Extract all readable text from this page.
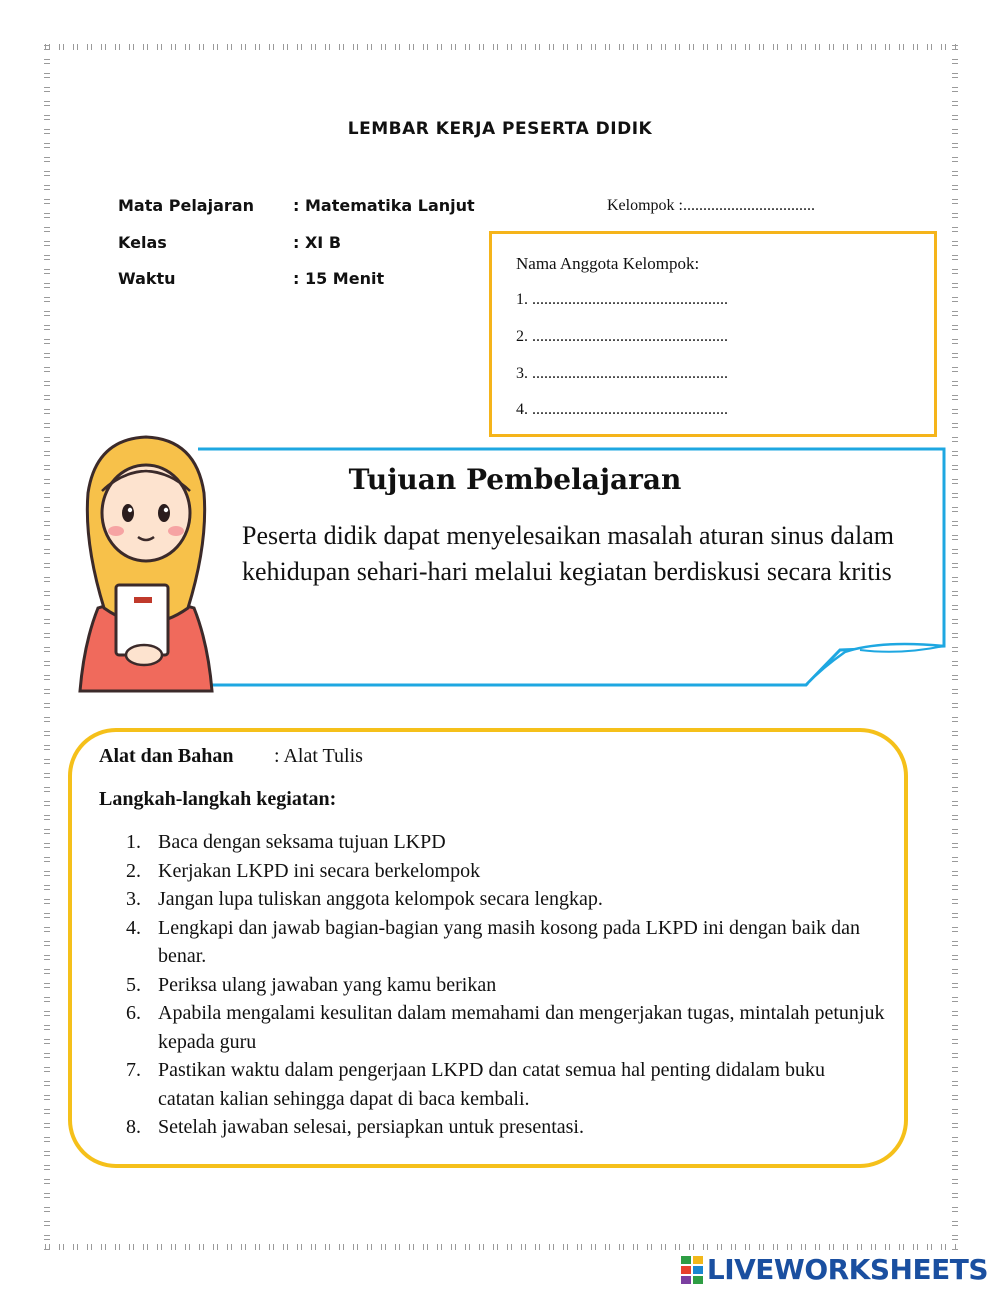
LEMBAR KERJA PESERTA DIDIK
Mata Pelajaran : Matematika Lanjut
Kelas	: XI B
Waktu	: 15 Menit
Kelompok :.................................
Nama Anggota Kelompok:
1. .................................................
2. .................................................
3. .................................................
4. .................................................
Tujuan Pembelajaran
Peserta didik dapat menyelesaikan masalah aturan sinus dalam kehidupan sehari-hari melalui kegiatan berdiskusi secara kritis
Alat dan Bahan : Alat Tulis
Langkah-langkah kegiatan:
1. Baca dengan seksama tujuan LKPD
2. Kerjakan LKPD ini secara berkelompok
3. Jangan lupa tuliskan anggota kelompok secara lengkap.
4. Lengkapi dan jawab bagian-bagian yang masih kosong pada LKPD ini dengan baik dan benar.
5. Periksa ulang jawaban yang kamu berikan
6. Apabila mengalami kesulitan dalam memahami dan mengerjakan tugas, mintalah petunjuk kepada guru
7. Pastikan waktu dalam pengerjaan LKPD dan catat semua hal penting didalam buku catatan kalian sehingga dapat di baca kembali.
8. Setelah jawaban selesai, persiapkan untuk presentasi.
LIVEWORKSHEETS
